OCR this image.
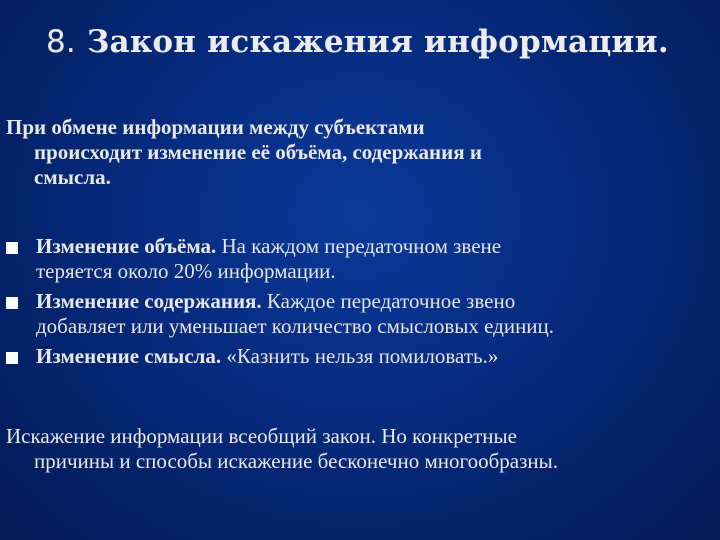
8. Закон искажения информации.
При обмене информации между субъектами
происходит изменение её объёма, содержания и
смысла.
Изменение объёма. На каждом передаточном звене
теряется около 20% информации.
Изменение содержания. Каждое передаточное звено
добавляет или уменьшает количество смысловых единиц.
Изменение смысла. «Казнить нельзя помиловать.»
Искажение информации всеобщий закон. Но конкретные
причины и способы искажение бесконечно многообразны.
